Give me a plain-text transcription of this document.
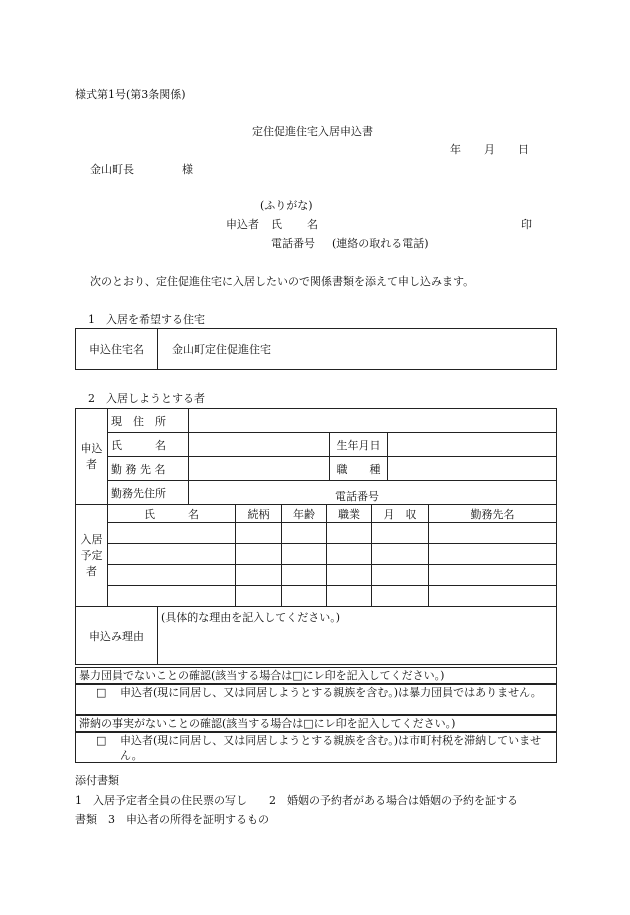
様式第1号(第3条関係)
定住促進住宅入居申込書
年 月 日
金山町長	様
(ふりがな)
申込者 氏 名	印
電話番号 (連絡の取れる電話)
次のとおり、定住促進住宅に入居したいので関係書類を添えて申し込みます。
1　入居を希望する住宅
申込住宅名	金山町定住促進住宅
2　入居しようとする者
申込者	現　住　所			
	氏　　　名		生年月日	
	勤 務 先 名		職　　種	
	勤務先住所	電話番号		
入居予定者	氏　　　名	続柄	年齢	職業	月　収	勤務先名

申込み理由	(具体的な理由を記入してください。)
暴力団員でないことの確認(該当する場合は□にレ印を記入してください。)
□ 申込者(現に同居し、又は同居しようとする親族を含む。)は暴力団員ではありません。
滞納の事実がないことの確認(該当する場合は□にレ印を記入してください。)
□ 申込者(現に同居し、又は同居しようとする親族を含む。)は市町村税を滞納していません。
添付書類
1　入居予定者全員の住民票の写し　　2　婚姻の予約者がある場合は婚姻の予約を証する
書類　3　申込者の所得を証明するもの
